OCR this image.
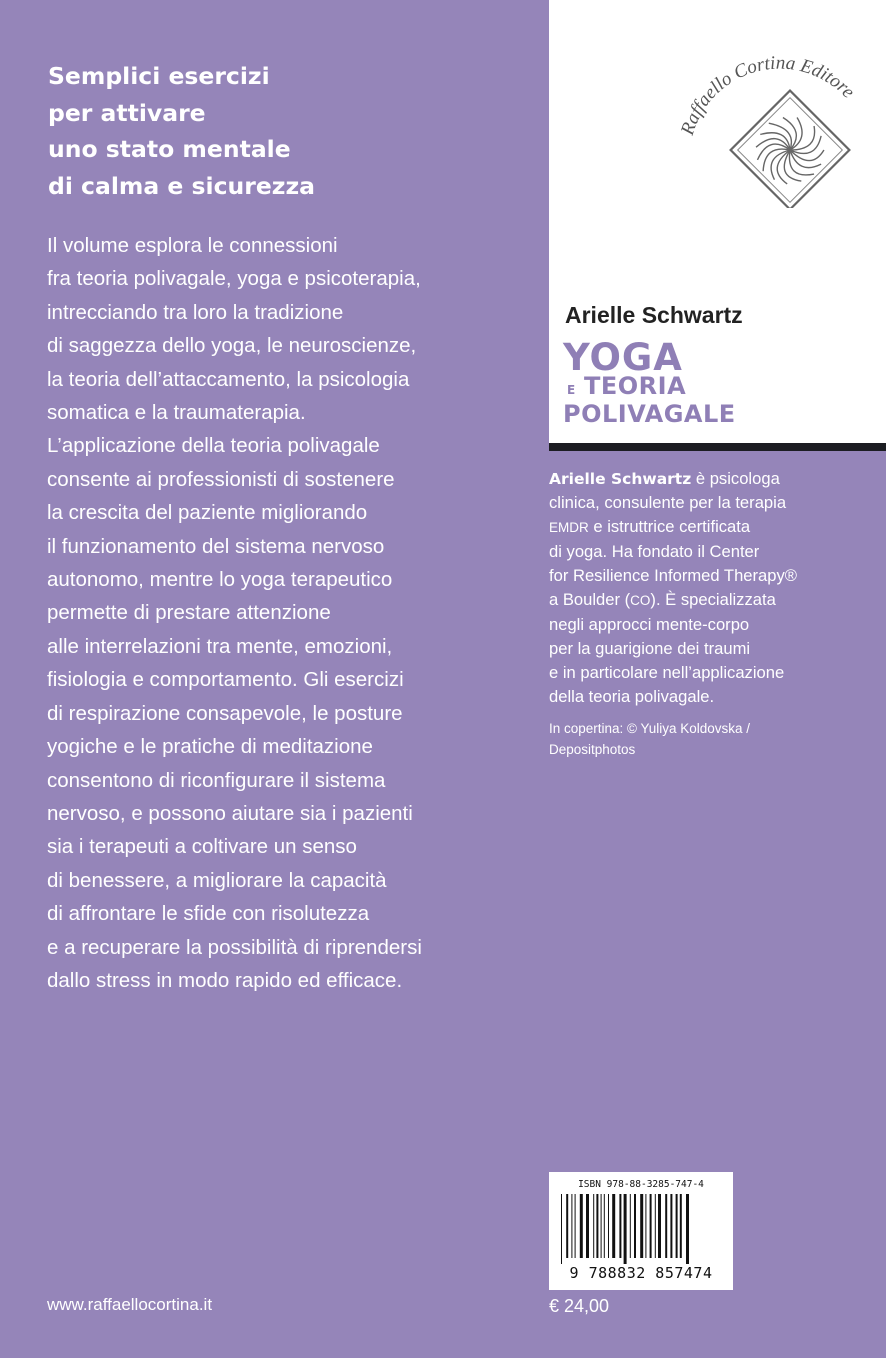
Semplici esercizi
per attivare
uno stato mentale
di calma e sicurezza
Il volume esplora le connessioni
fra teoria polivagale, yoga e psicoterapia,
intrecciando tra loro la tradizione
di saggezza dello yoga, le neuroscienze,
la teoria dell’attaccamento, la psicologia
somatica e la traumaterapia.
L’applicazione della teoria polivagale
consente ai professionisti di sostenere
la crescita del paziente migliorando
il funzionamento del sistema nervoso
autonomo, mentre lo yoga terapeutico
permette di prestare attenzione
alle interrelazioni tra mente, emozioni,
fisiologia e comportamento. Gli esercizi
di respirazione consapevole, le posture
yogiche e le pratiche di meditazione
consentono di riconfigurare il sistema
nervoso, e possono aiutare sia i pazienti
sia i terapeuti a coltivare un senso
di benessere, a migliorare la capacità
di affrontare le sfide con risolutezza
e a recuperare la possibilità di riprendersi
dallo stress in modo rapido ed efficace.
www.raffaellocortina.it
Raffaello Cortina Editore
Arielle Schwartz
YOGA
E TEORIA
POLIVAGALE
Arielle Schwartz è psicologa
clinica, consulente per la terapia
EMDR e istruttrice certificata
di yoga. Ha fondato il Center
for Resilience Informed Therapy®
a Boulder (CO). È specializzata
negli approcci mente-corpo
per la guarigione dei traumi
e in particolare nell’applicazione
della teoria polivagale.
In copertina: © Yuliya Koldovska /
Depositphotos
ISBN 978-88-3285-747-4
9 788832 857474
€ 24,00
